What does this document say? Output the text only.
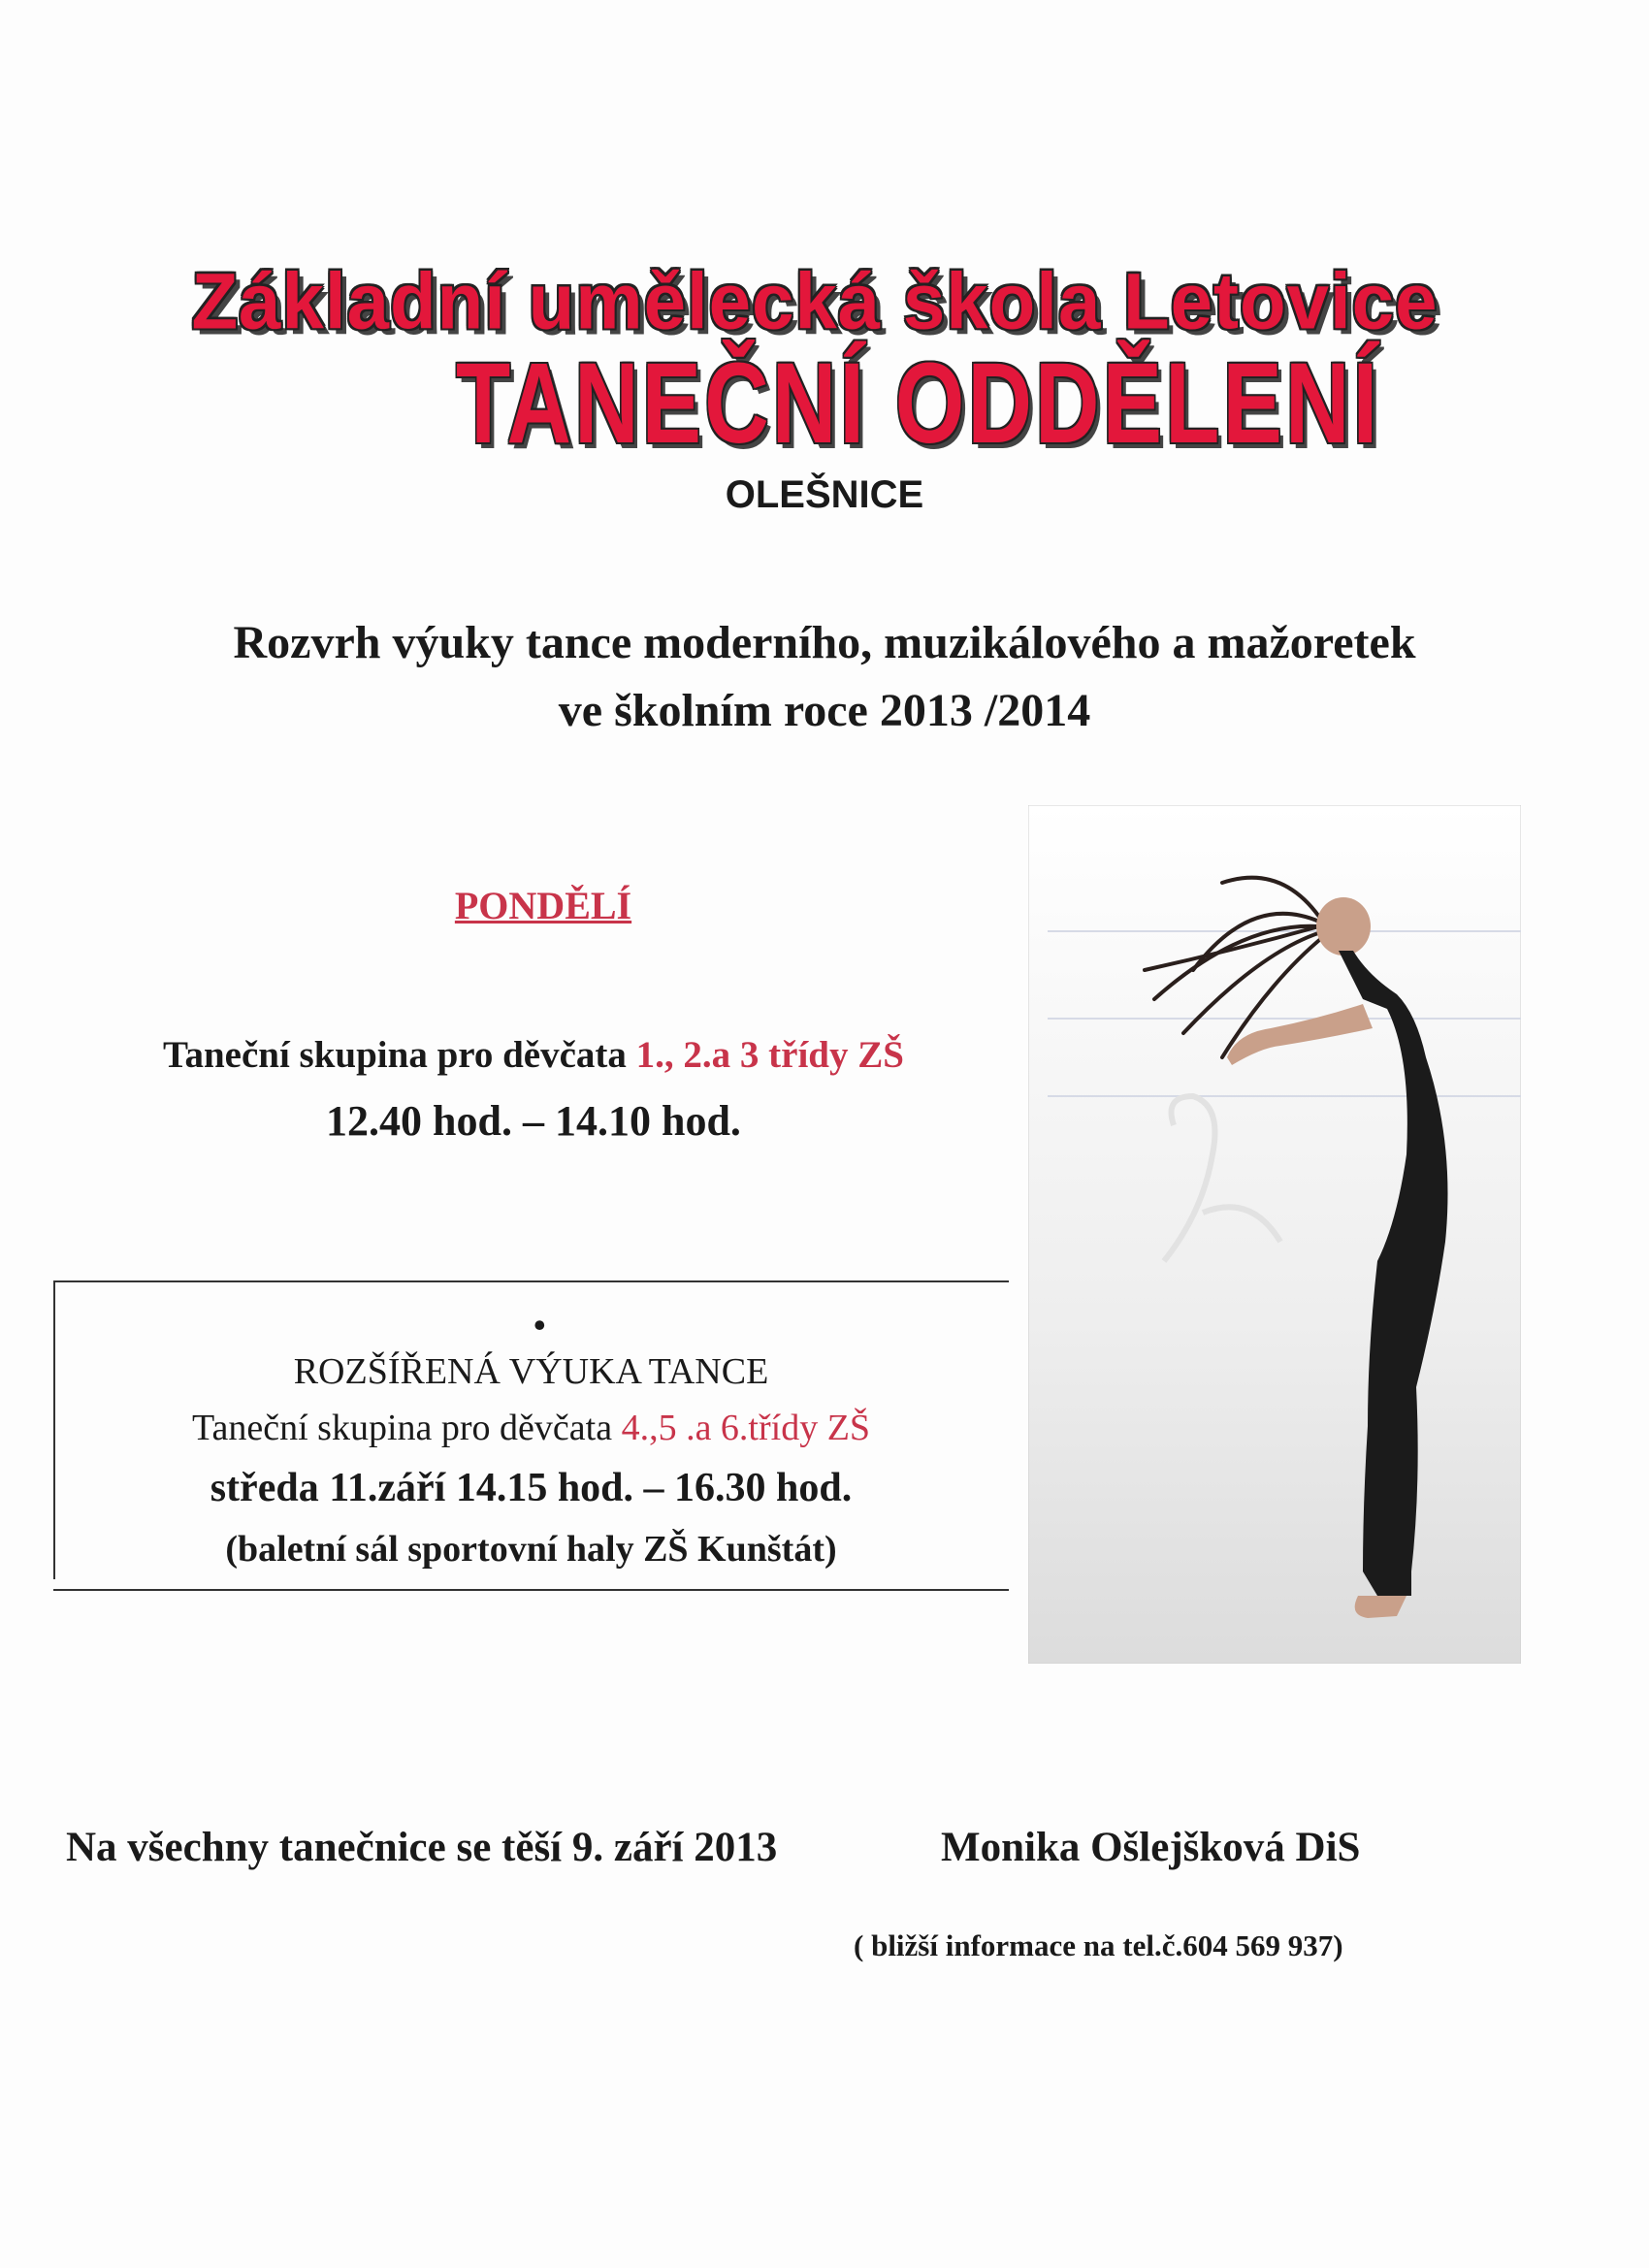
Základní umělecká škola Letovice
TANEČNÍ ODDĚLENÍ
OLEŠNICE
Rozvrh výuky tance moderního, muzikálového a mažoretek
ve školním roce 2013 /2014
PONDĚLÍ
Taneční skupina pro děvčata 1., 2.a 3 třídy ZŠ
12.40 hod. – 14.10 hod.
•
ROZŠÍŘENÁ VÝUKA TANCE
Taneční skupina pro děvčata 4.,5 .a 6.třídy ZŠ
středa 11.září 14.15 hod. – 16.30 hod.
(baletní sál sportovní haly ZŠ Kunštát)
Na všechny tanečnice se těší 9. září 2013	Monika Ošlejšková DiS
( bližší informace na tel.č.604 569 937)
